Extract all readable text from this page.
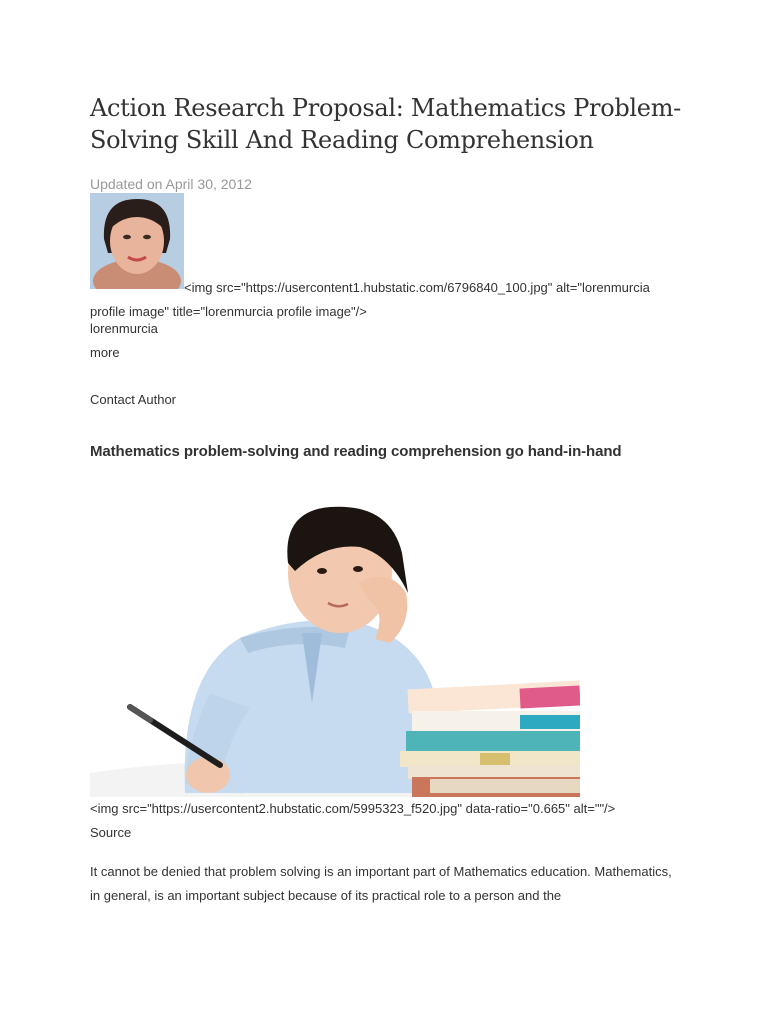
Action Research Proposal: Mathematics Problem-Solving Skill And Reading Comprehension
Updated on April 30, 2012
<img src="https://usercontent1.hubstatic.com/6796840_100.jpg" alt="lorenmurcia profile image" title="lorenmurcia profile image"/>
lorenmurcia
more
Contact Author
Mathematics problem-solving and reading comprehension go hand-in-hand
<img src="https://usercontent2.hubstatic.com/5995323_f520.jpg" data-ratio="0.665" alt=""/>
Source

It cannot be denied that problem solving is an important part of Mathematics education. Mathematics, in general, is an important subject because of its practical role to a person and the
